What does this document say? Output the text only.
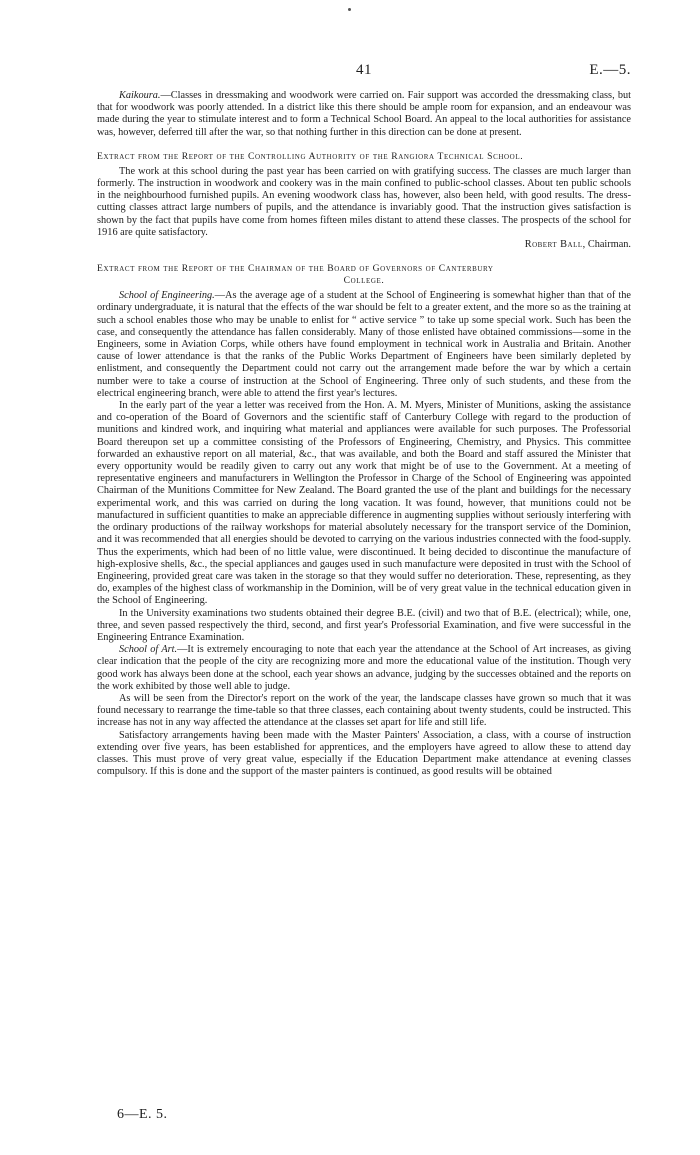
41	E.—5.

Kaikoura.—Classes in dressmaking and woodwork were carried on. Fair support was accorded the dressmaking class, but that for woodwork was poorly attended. In a district like this there should be ample room for expansion, and an endeavour was made during the year to stimulate interest and to form a Technical School Board. An appeal to the local authorities for assistance was, however, deferred till after the war, so that nothing further in this direction can be done at present.

Extract from the Report of the Controlling Authority of the Rangiora Technical School.

The work at this school during the past year has been carried on with gratifying success. The classes are much larger than formerly. The instruction in woodwork and cookery was in the main confined to public-school classes. About ten public schools in the neighbourhood furnished pupils. An evening woodwork class has, however, also been held, with good results. The dress-cutting classes attract large numbers of pupils, and the attendance is invariably good. That the instruction gives satisfaction is shown by the fact that pupils have come from homes fifteen miles distant to attend these classes. The prospects of the school for 1916 are quite satisfactory.

Robert Ball, Chairman.

Extract from the Report of the Chairman of the Board of Governors of Canterbury

College.

School of Engineering.—As the average age of a student at the School of Engineering is somewhat higher than that of the ordinary undergraduate, it is natural that the effects of the war should be felt to a greater extent, and the more so as the training at such a school enables those who may be unable to enlist for “ active service ” to take up some special work. Such has been the case, and consequently the attendance has fallen considerably. Many of those enlisted have obtained commissions—some in the Engineers, some in Aviation Corps, while others have found employment in technical work in Australia and Britain. Another cause of lower attendance is that the ranks of the Public Works Department of Engineers have been similarly depleted by enlistment, and consequently the Department could not carry out the arrangement made before the war by which a certain number were to take a course of instruction at the School of Engineering. Three only of such students, and these from the electrical engineering branch, were able to attend the first year's lectures.

In the early part of the year a letter was received from the Hon. A. M. Myers, Minister of Munitions, asking the assistance and co-operation of the Board of Governors and the scientific staff of Canterbury College with regard to the production of munitions and kindred work, and inquiring what material and appliances were available for such purposes. The Professorial Board thereupon set up a committee consisting of the Professors of Engineering, Chemistry, and Physics. This committee forwarded an exhaustive report on all material, &c., that was available, and both the Board and staff assured the Minister that every opportunity would be readily given to carry out any work that might be of use to the Government. At a meeting of representative engineers and manufacturers in Wellington the Professor in Charge of the School of Engineering was appointed Chairman of the Munitions Committee for New Zealand. The Board granted the use of the plant and buildings for the necessary experimental work, and this was carried on during the long vacation. It was found, however, that munitions could not be manufactured in sufficient quantities to make an appreciable difference in augmenting supplies without seriously interfering with the ordinary productions of the railway workshops for material absolutely necessary for the transport service of the Dominion, and it was recommended that all energies should be devoted to carrying on the various industries connected with the food-supply. Thus the experiments, which had been of no little value, were discontinued. It being decided to discontinue the manufacture of high-explosive shells, &c., the special appliances and gauges used in such manufacture were deposited in trust with the School of Engineering, provided great care was taken in the storage so that they would suffer no deterioration. These, representing, as they do, examples of the highest class of workmanship in the Dominion, will be of very great value in the technical education given in the School of Engineering.

In the University examinations two students obtained their degree B.E. (civil) and two that of B.E. (electrical); while, one, three, and seven passed respectively the third, second, and first year's Professorial Examination, and five were successful in the Engineering Entrance Examination.

School of Art.—It is extremely encouraging to note that each year the attendance at the School of Art increases, as giving clear indication that the people of the city are recognizing more and more the educational value of the institution. Though very good work has always been done at the school, each year shows an advance, judging by the successes obtained and the reports on the work exhibited by those well able to judge.

As will be seen from the Director's report on the work of the year, the landscape classes have grown so much that it was found necessary to rearrange the time-table so that three classes, each containing about twenty students, could be instructed. This increase has not in any way affected the attendance at the classes set apart for life and still life.

Satisfactory arrangements having been made with the Master Painters' Association, a class, with a course of instruction extending over five years, has been established for apprentices, and the employers have agreed to allow these to attend day classes. This must prove of very great value, especially if the Education Department make attendance at evening classes compulsory. If this is done and the support of the master painters is continued, as good results will be obtained

6—E. 5.
